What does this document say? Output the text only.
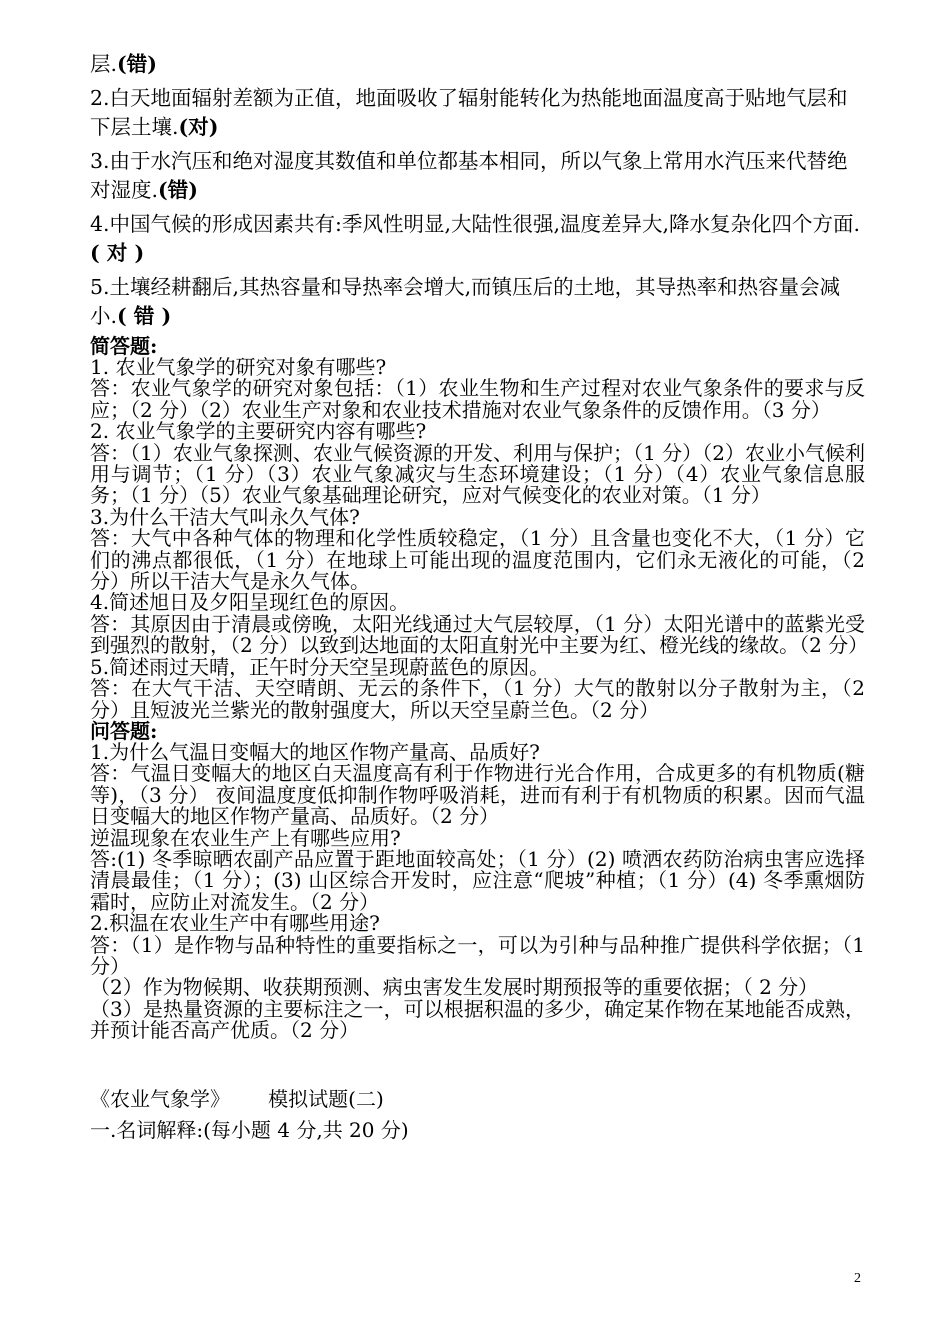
层.(错)

2.白天地面辐射差额为正值，地面吸收了辐射能转化为热能地面温度高于贴地气层和下层土壤.(对)

3.由于水汽压和绝对湿度其数值和单位都基本相同，所以气象上常用水汽压来代替绝对湿度.(错)

4.中国气候的形成因素共有:季风性明显,大陆性很强,温度差异大,降水复杂化四个方面.( 对 )

5.土壤经耕翻后,其热容量和导热率会增大,而镇压后的土地，其导热率和热容量会减小.( 错 )

简答题:

1. 农业气象学的研究对象有哪些?

答：农业气象学的研究对象包括：（1）农业生物和生产过程对农业气象条件的要求与反应；（2 分）（2）农业生产对象和农业技术措施对农业气象条件的反馈作用。（3 分）

2. 农业气象学的主要研究内容有哪些?

答：（1）农业气象探测、农业气候资源的开发、利用与保护；（1 分）（2）农业小气候利用与调节；（1 分）（3）农业气象减灾与生态环境建设；（1 分）（4）农业气象信息服务；（1 分）（5）农业气象基础理论研究，应对气候变化的农业对策。（1 分）

3.为什么干洁大气叫永久气体?

答：大气中各种气体的物理和化学性质较稳定，（1 分）且含量也变化不大，（1 分）它们的沸点都很低，（1 分）在地球上可能出现的温度范围内，它们永无液化的可能，（2 分）所以干洁大气是永久气体。

4.简述旭日及夕阳呈现红色的原因。

答：其原因由于清晨或傍晚，太阳光线通过大气层较厚，（1 分）太阳光谱中的蓝紫光受到强烈的散射，（2 分）以致到达地面的太阳直射光中主要为红、橙光线的缘故。（2 分）

5.简述雨过天晴，正午时分天空呈现蔚蓝色的原因。

答：在大气干洁、天空晴朗、无云的条件下，（1 分）大气的散射以分子散射为主，（2 分）且短波光兰紫光的散射强度大，所以天空呈蔚兰色。（2 分）

问答题:

1.为什么气温日变幅大的地区作物产量高、品质好?

答：气温日变幅大的地区白天温度高有利于作物进行光合作用，合成更多的有机物质(糖等)，（3 分） 夜间温度度低抑制作物呼吸消耗，进而有利于有机物质的积累。因而气温日变幅大的地区作物产量高、品质好。（2 分）

逆温现象在农业生产上有哪些应用?

答:(1) 冬季晾晒农副产品应置于距地面较高处；（1 分）(2) 喷洒农药防治病虫害应选择清晨最佳；（1 分）；(3) 山区综合开发时，应注意“爬坡”种植；（1 分）(4) 冬季熏烟防霜时，应防止对流发生。（2 分）

2.积温在农业生产中有哪些用途?

答：（1）是作物与品种特性的重要指标之一，可以为引种与品种推广提供科学依据；（1 分）

（2）作为物候期、收获期预测、病虫害发生发展时期预报等的重要依据；（ 2 分）

（3）是热量资源的主要标注之一，可以根据积温的多少，确定某作物在某地能否成熟，并预计能否高产优质。（2 分）

《农业气象学》      模拟试题(二)

一.名词解释:(每小题 4 分,共 20 分)

2
